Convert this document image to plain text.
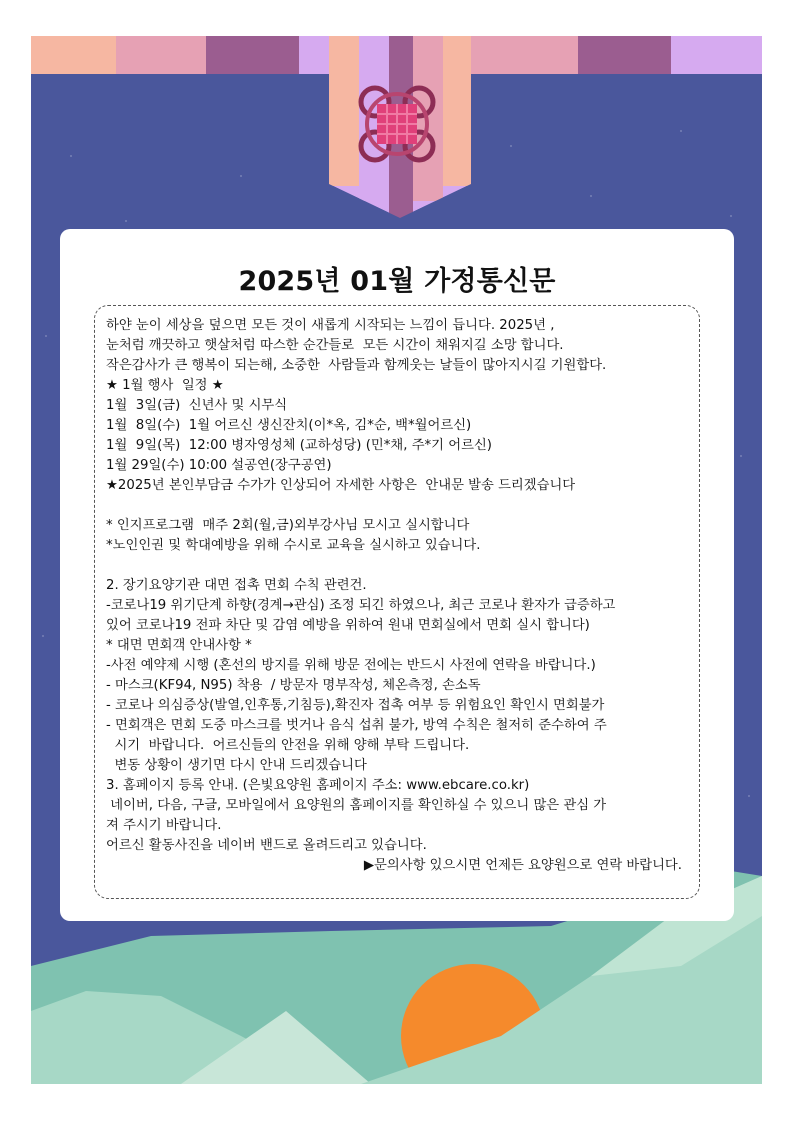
2025년 01월 가정통신문
하얀 눈이 세상을 덮으면 모든 것이 새롭게 시작되는 느낌이 듭니다. 2025년 ,
눈처럼 깨끗하고 햇살처럼 따스한 순간들로  모든 시간이 채워지길 소망 합니다.
작은감사가 큰 행복이 되는해, 소중한  사람들과 함께웃는 날들이 많아지시길 기원합다.
★ 1월 행사  일정 ★
1월  3일(금)  신년사 및 시무식
1월  8일(수)  1월 어르신 생신잔치(이*옥, 김*순, 백*월어르신)
1월  9일(목)  12:00 병자영성체 (교하성당) (민*채, 주*기 어르신)
1월 29일(수) 10:00 설공연(장구공연)
★2025년 본인부담금 수가가 인상되어 자세한 사항은  안내문 발송 드리겠습니다
* 인지프로그램  매주 2회(월,금)외부강사님 모시고 실시합니다
*노인인권 및 학대예방을 위해 수시로 교육을 실시하고 있습니다.
2. 장기요양기관 대면 접촉 면회 수칙 관련건.
-코로나19 위기단계 하향(경계→관심) 조정 되긴 하였으나, 최근 코로나 환자가 급증하고
있어 코로나19 전파 차단 및 감염 예방을 위하여 원내 면회실에서 면회 실시 합니다)
* 대면 면회객 안내사항 *
-사전 예약제 시행 (혼선의 방지를 위해 방문 전에는 반드시 사전에 연락을 바랍니다.)
- 마스크(KF94, N95) 착용  / 방문자 명부작성, 체온측정, 손소독
- 코로나 의심증상(발열,인후통,기침등),확진자 접촉 여부 등 위험요인 확인시 면회불가
- 면회객은 면회 도중 마스크를 벗거나 음식 섭취 불가, 방역 수칙은 철저히 준수하여 주
시기  바랍니다.  어르신들의 안전을 위해 양해 부탁 드립니다.
변동 상황이 생기면 다시 안내 드리겠습니다
3. 홈페이지 등록 안내. (은빛요양원 홈페이지 주소: www.ebcare.co.kr)
네이버, 다음, 구글, 모바일에서 요양원의 홈페이지를 확인하실 수 있으니 많은 관심 가
져 주시기 바랍니다.
어르신 활동사진을 네이버 밴드로 올려드리고 있습니다.
▶문의사항 있으시면 언제든 요양원으로 연락 바랍니다.
